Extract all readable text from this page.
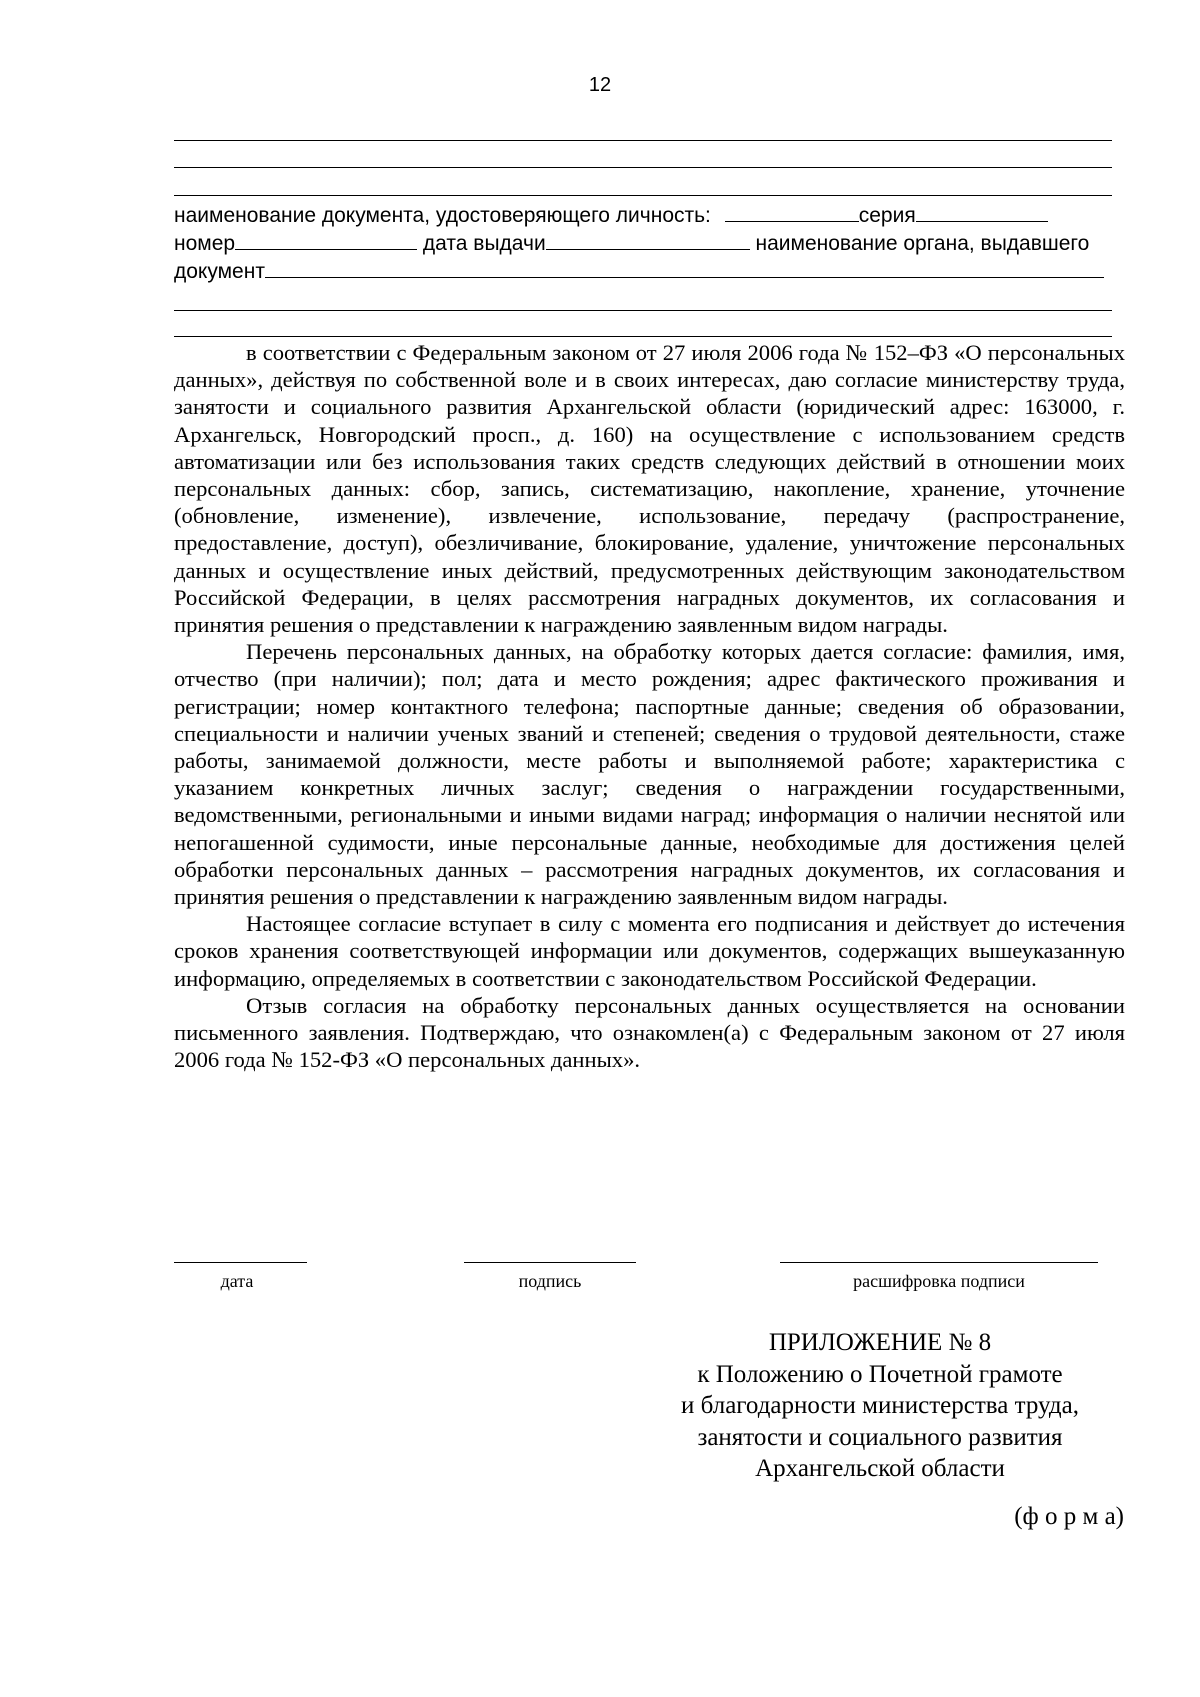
12
наименование документа, удостоверяющего личность:	серия
номер	дата выдачи	наименование органа, выдавшего
документ

в соответствии с Федеральным законом от 27 июля 2006 года № 152–ФЗ «О персональных данных», действуя по собственной воле и в своих интересах, даю согласие министерству труда, занятости и социального развития Архангельской области (юридический адрес: 163000, г. Архангельск, Новгородский просп., д. 160) на осуществление с использованием средств автоматизации или без использования таких средств следующих действий в отношении моих персональных данных: сбор, запись, систематизацию, накопление, хранение, уточнение (обновление, изменение), извлечение, использование, передачу (распространение, предоставление, доступ), обезличивание, блокирование, удаление, уничтожение персональных данных и осуществление иных действий, предусмотренных действующим законодательством Российской Федерации, в целях рассмотрения наградных документов, их согласования и принятия решения о представлении к награждению заявленным видом награды.

Перечень персональных данных, на обработку которых дается согласие: фамилия, имя, отчество (при наличии); пол; дата и место рождения; адрес фактического проживания и регистрации; номер контактного телефона; паспортные данные; сведения об образовании, специальности и наличии ученых званий и степеней; сведения о трудовой деятельности, стаже работы, занимаемой должности, месте работы и выполняемой работе; характеристика с указанием конкретных личных заслуг; сведения о награждении государственными, ведомственными, региональными и иными видами наград; информация о наличии неснятой или непогашенной судимости, иные персональные данные, необходимые для достижения целей обработки персональных данных – рассмотрения наградных документов, их согласования и принятия решения о представлении к награждению заявленным видом награды.

Настоящее согласие вступает в силу с момента его подписания и действует до истечения сроков хранения соответствующей информации или документов, содержащих вышеуказанную информацию, определяемых в соответствии с законодательством Российской Федерации.

Отзыв согласия на обработку персональных данных осуществляется на основании письменного заявления. Подтверждаю, что ознакомлен(а) с Федеральным законом от 27 июля 2006 года № 152-ФЗ «О персональных данных».

дата	подпись	расшифровка подписи
ПРИЛОЖЕНИЕ № 8
к Положению о Почетной грамоте
и благодарности министерства труда,
занятости и социального развития
Архангельской области
(ф о р м а)
